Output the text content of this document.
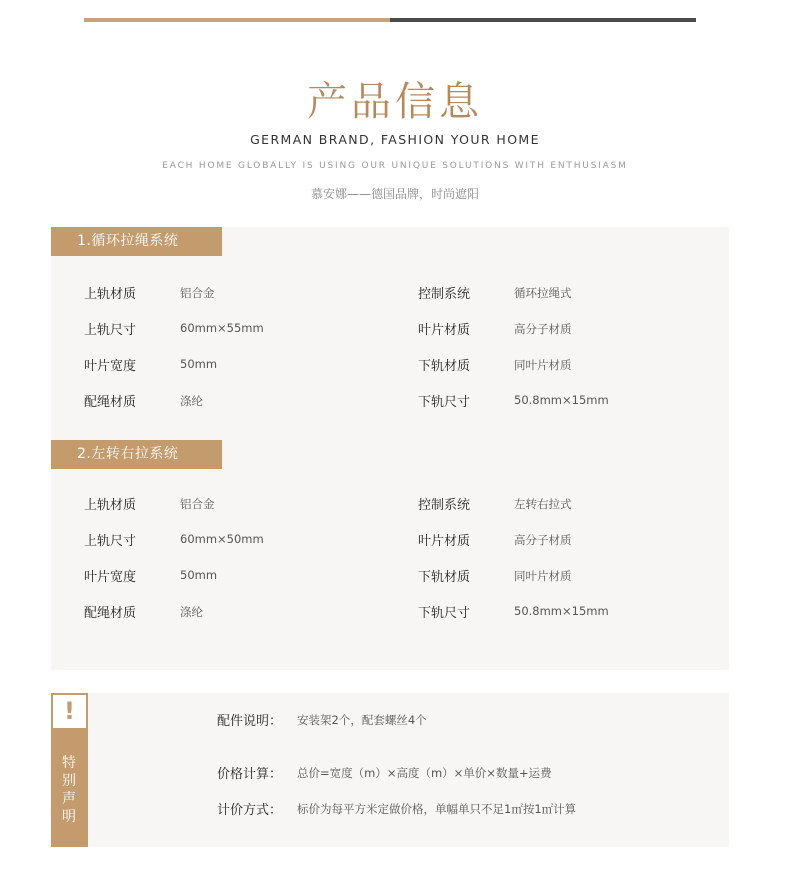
产品信息
GERMAN BRAND, FASHION YOUR HOME
EACH HOME GLOBALLY IS USING OUR UNIQUE SOLUTIONS WITH ENTHUSIASM
慕安娜——德国品牌，时尚遮阳
1.循环拉绳系统
上轨材质	铝合金	控制系统	循环拉绳式
上轨尺寸	60mm×55mm	叶片材质	高分子材质
叶片宽度	50mm	下轨材质	同叶片材质
配绳材质	涤纶	下轨尺寸	50.8mm×15mm
2.左转右拉系统
上轨材质	铝合金	控制系统	左转右拉式
上轨尺寸	60mm×50mm	叶片材质	高分子材质
叶片宽度	50mm	下轨材质	同叶片材质
配绳材质	涤纶	下轨尺寸	50.8mm×15mm
!
特
别
声
明
配件说明： 安装架2个，配套螺丝4个
价格计算： 总价=宽度（m）×高度（m）×单价×数量+运费
计价方式： 标价为每平方米定做价格，单幅单只不足1㎡按1㎡计算
